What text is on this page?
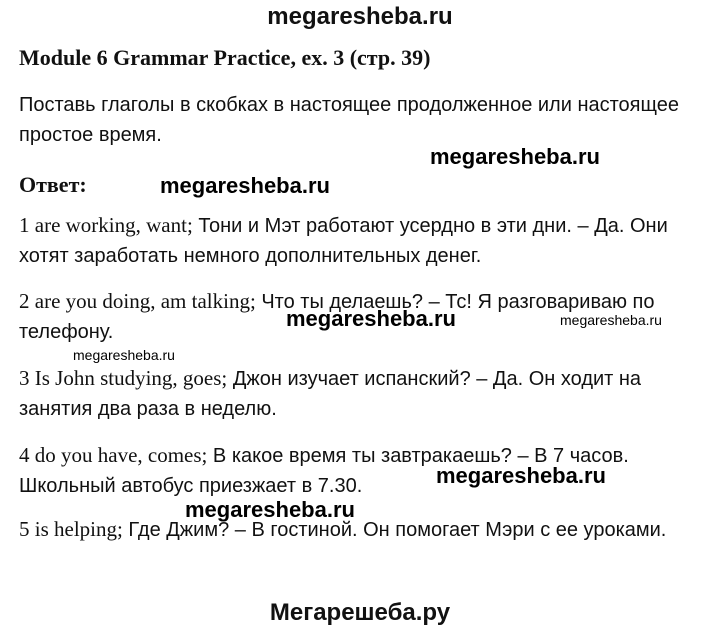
megaresheba.ru
Module 6 Grammar Practice, ex. 3 (стр. 39)
Поставь глаголы в скобках в настоящее продолженное или настоящее простое время.
Ответ:
1 are working, want; Тони и Мэт работают усердно в эти дни. – Да. Они хотят заработать немного дополнительных денег.
2 are you doing, am talking; Что ты делаешь? – Тс! Я разговариваю по телефону.
3 Is John studying, goes; Джон изучает испанский? – Да. Он ходит на занятия два раза в неделю.
4 do you have, comes; В какое время ты завтракаешь? – В 7 часов. Школьный автобус приезжает в 7.30.
5 is helping; Где Джим? – В гостиной. Он помогает Мэри с ее уроками.
megaresheba.ru
megaresheba.ru
megaresheba.ru	megaresheba.ru
megaresheba.ru
megaresheba.ru
megaresheba.ru
Мегарешеба.ру
